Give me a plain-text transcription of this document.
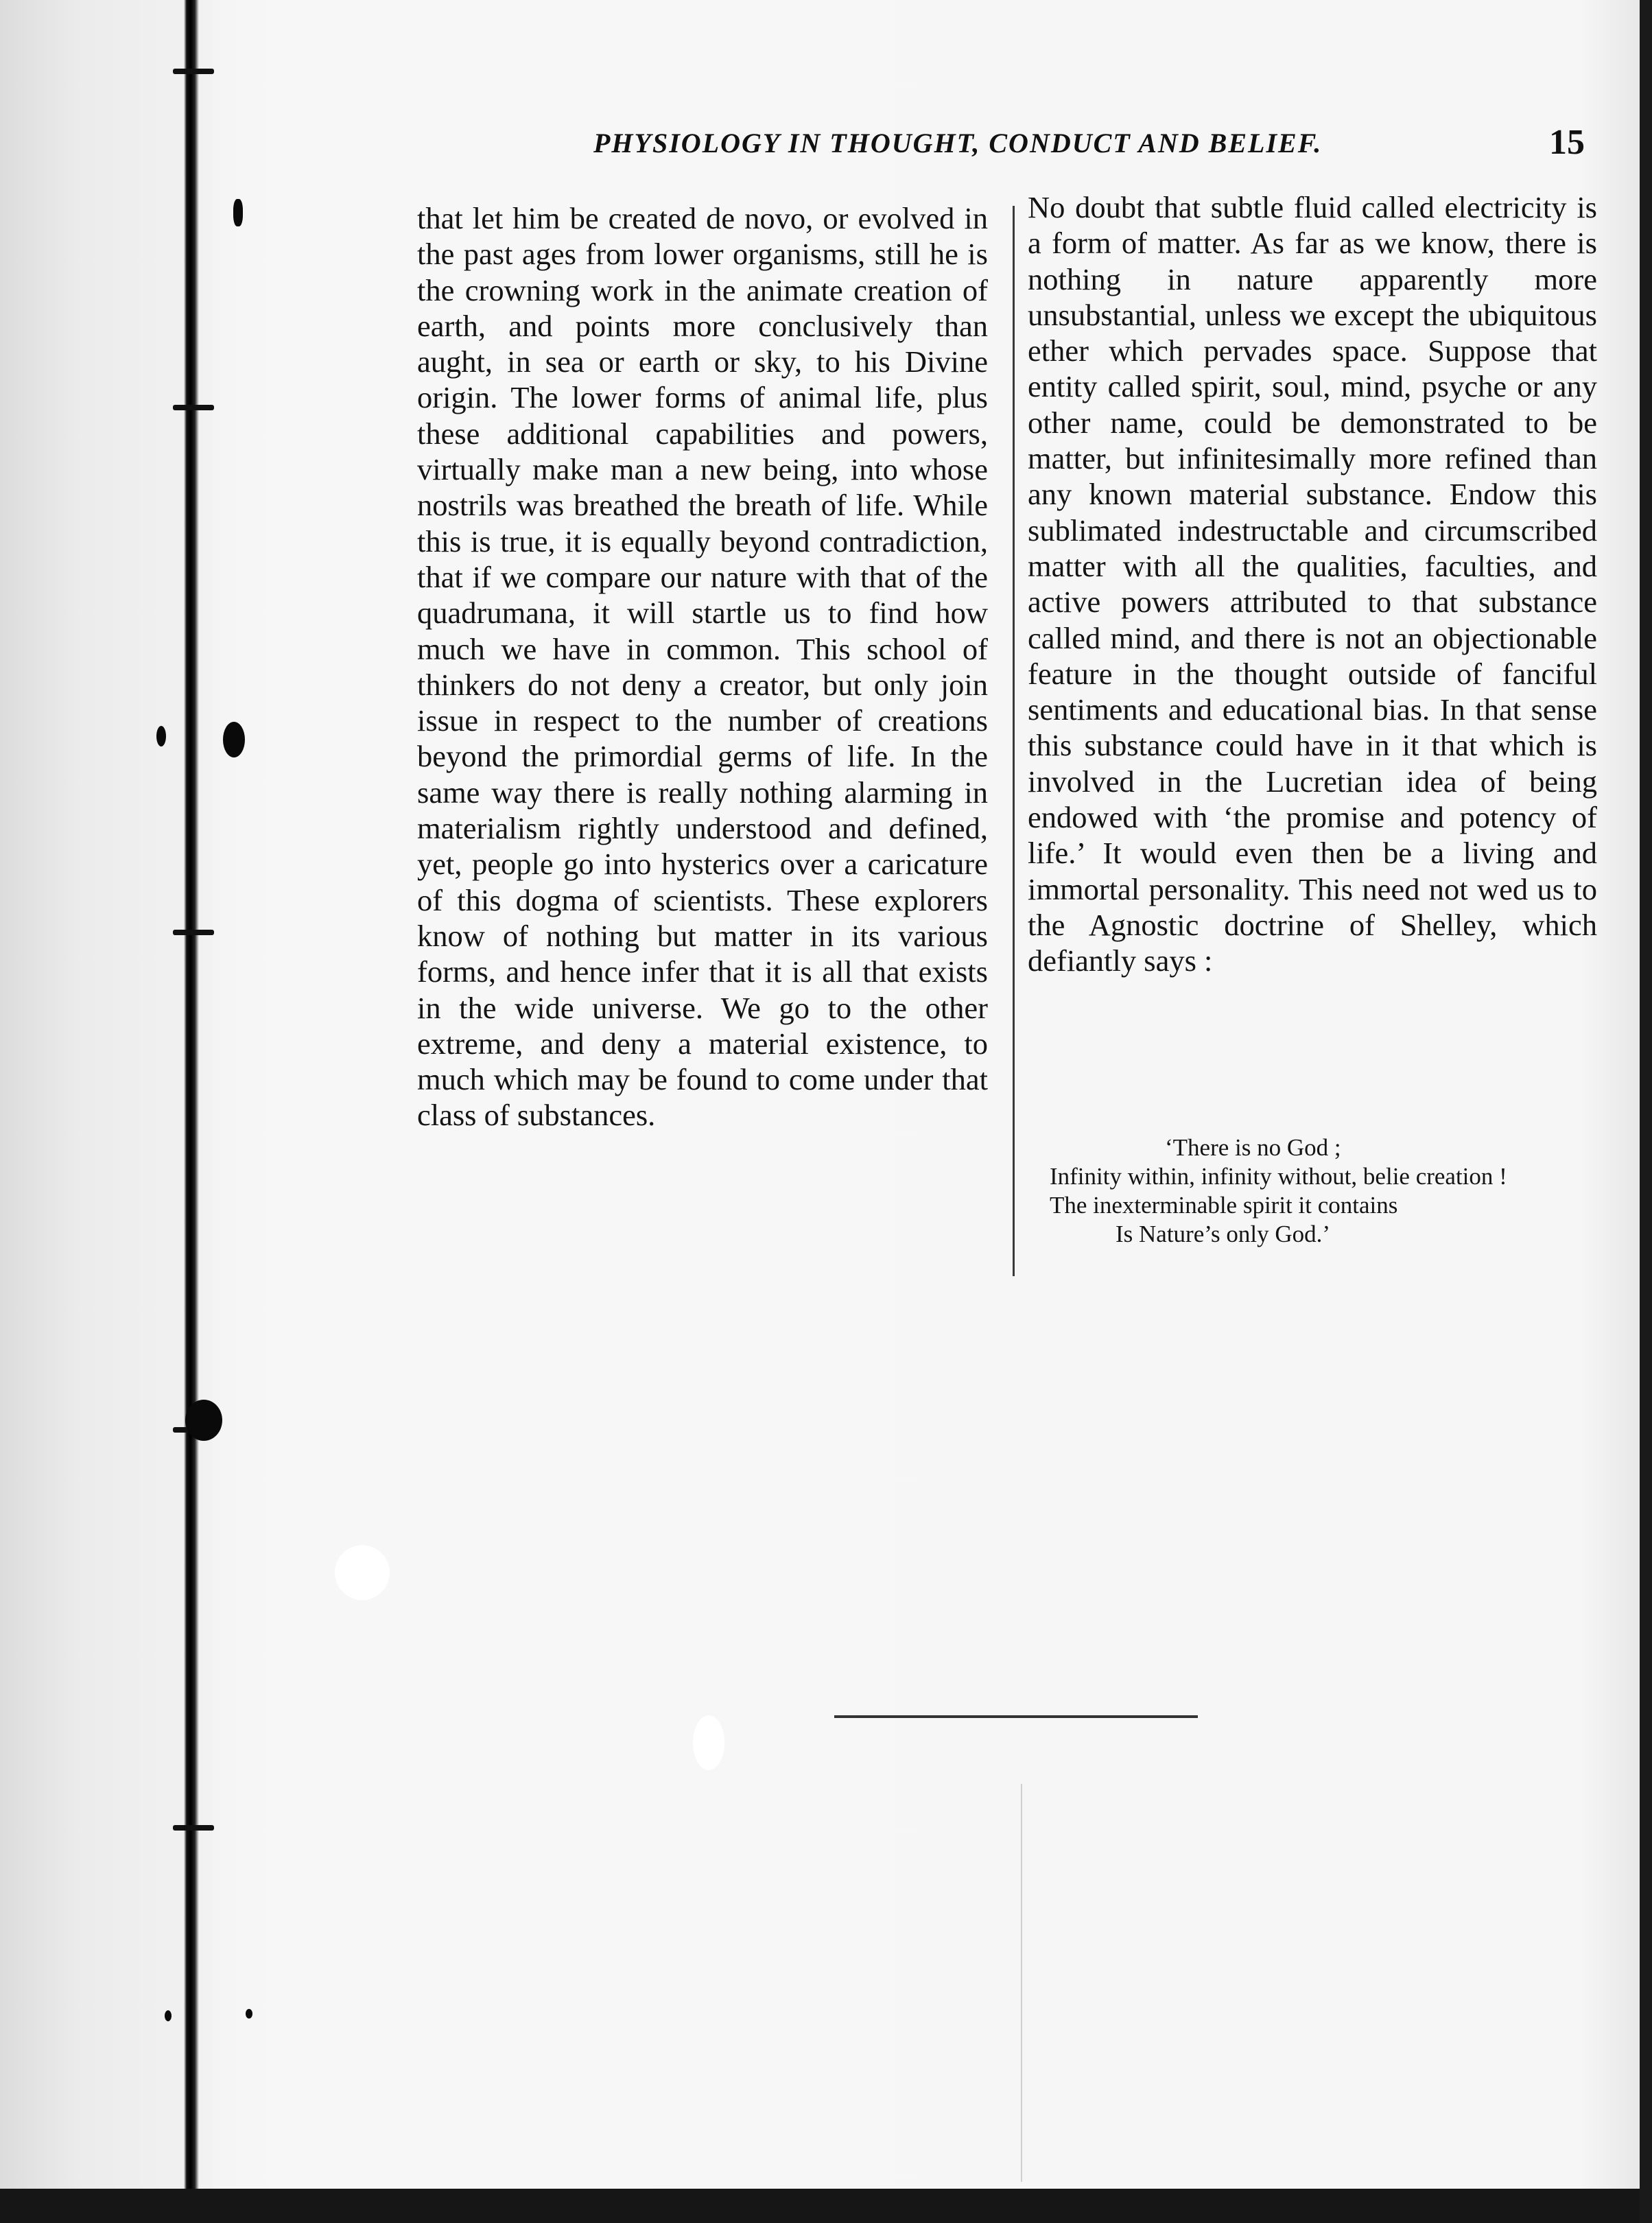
PHYSIOLOGY IN THOUGHT, CONDUCT AND BELIEF.	15

that let him be created de novo, or evolved in the past ages from lower organisms, still he is the crowning work in the animate creation of earth, and points more conclusively than aught, in sea or earth or sky, to his Divine origin. The lower forms of animal life, plus these additional capabilities and powers, virtually make man a new being, into whose nostrils was breathed the breath of life. While this is true, it is equally beyond contradiction, that if we compare our nature with that of the quadrumana, it will startle us to find how much we have in common. This school of thinkers do not deny a creator, but only join issue in respect to the number of creations beyond the primordial germs of life. In the same way there is really nothing alarming in materialism rightly understood and defined, yet, people go into hysterics over a caricature of this dogma of scientists. These explorers know of nothing but matter in its various forms, and hence infer that it is all that exists in the wide universe. We go to the other extreme, and deny a material existence, to much which may be found to come under that class of substances.

No doubt that subtle fluid called electricity is a form of matter. As far as we know, there is nothing in nature apparently more unsubstantial, unless we except the ubiquitous ether which pervades space. Suppose that entity called spirit, soul, mind, psyche or any other name, could be demonstrated to be matter, but infinitesimally more refined than any known material substance. Endow this sublimated indestructable and circumscribed matter with all the qualities, faculties, and active powers attributed to that substance called mind, and there is not an objectionable feature in the thought outside of fanciful sentiments and educational bias. In that sense this substance could have in it that which is involved in the Lucretian idea of being endowed with ‘the promise and potency of life.’ It would even then be a living and immortal personality. This need not wed us to the Agnostic doctrine of Shelley, which defiantly says :

‘There is no God ;
Infinity within, infinity without, belie creation !
The inexterminable spirit it contains
Is Nature’s only God.’
